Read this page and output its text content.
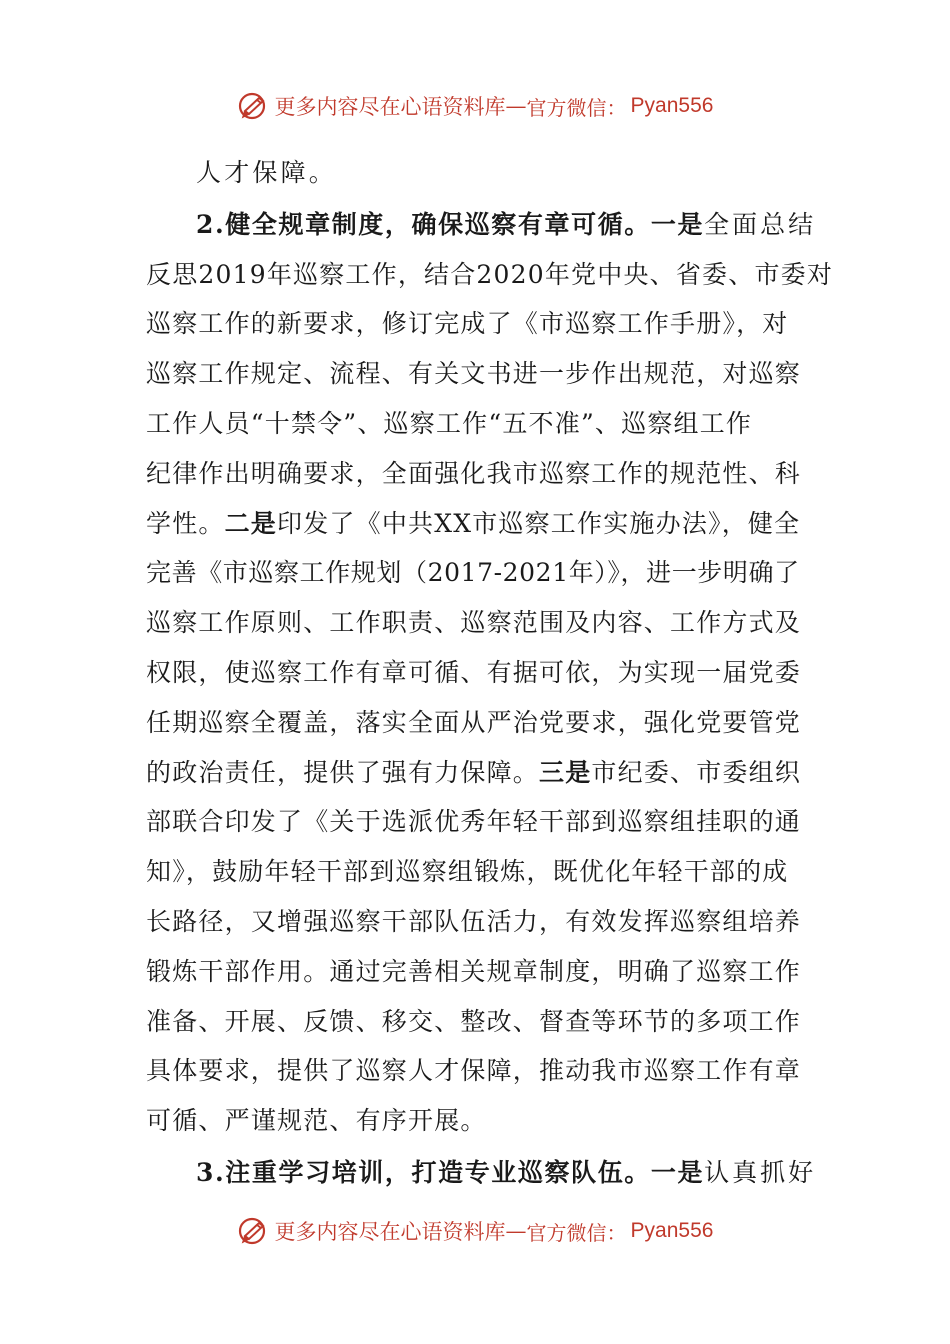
更多内容尽在心语资料库 — 官方微信： Pyan556
人才保障。
2.健全规章制度，确保巡察有章可循。 一是 全面总结
反思2019年巡察工作，结合2020年党中央、省委、市委对
巡察工作的新要求，修订完成了《市巡察工作手册》，对
巡察工作规定、流程、有关文书进一步作出规范，对巡察
工作人员“十禁令”、巡察工作“五不准”、巡察组工作
纪律作出明确要求，全面强化我市巡察工作的规范性、科
学性。 二是 印发了《中共XX市巡察工作实施办法》，健全
完善《市巡察工作规划（2017-2021年）》，进一步明确了
巡察工作原则、工作职责、巡察范围及内容、工作方式及
权限，使巡察工作有章可循、有据可依，为实现一届党委
任期巡察全覆盖，落实全面从严治党要求，强化党要管党
的政治责任，提供了强有力保障。 三是 市纪委、市委组织
部联合印发了《关于选派优秀年轻干部到巡察组挂职的通
知》，鼓励年轻干部到巡察组锻炼，既优化年轻干部的成
长路径，又增强巡察干部队伍活力，有效发挥巡察组培养
锻炼干部作用。通过完善相关规章制度，明确了巡察工作
准备、开展、反馈、移交、整改、督查等环节的多项工作
具体要求，提供了巡察人才保障，推动我市巡察工作有章
可循、严谨规范、有序开展。
3.注重学习培训，打造专业巡察队伍。 一是 认真抓好
更多内容尽在心语资料库 — 官方微信： Pyan556
